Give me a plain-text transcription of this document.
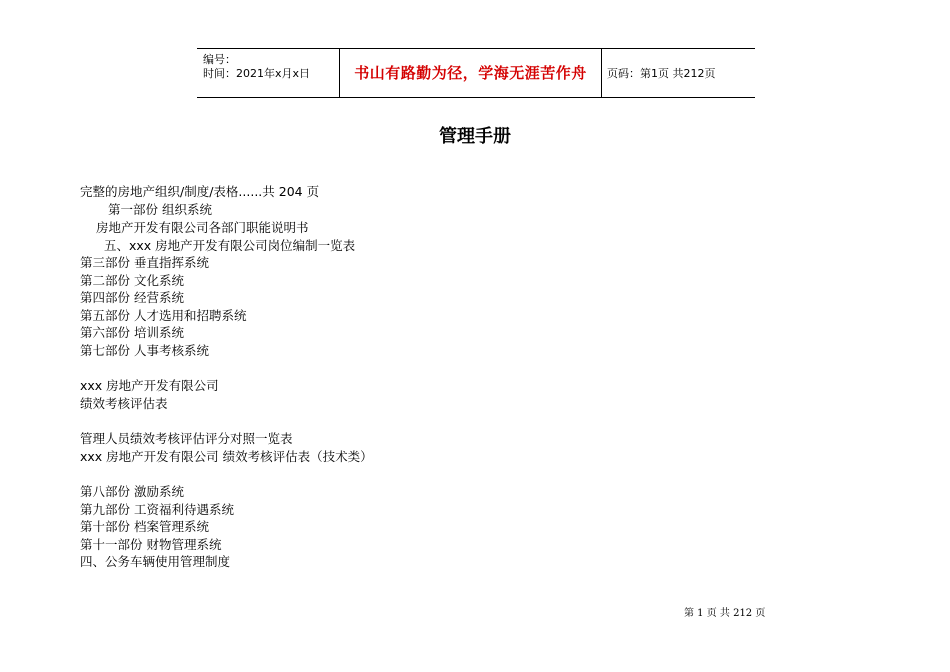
编号：
时间：2021年x月x日	书山有路勤为径，学海无涯苦作舟	页码：第1页 共212页
管理手册
完整的房地产组织/制度/表格......共 204 页
第一部份 组织系统
房地产开发有限公司各部门职能说明书
五、xxx 房地产开发有限公司岗位编制一览表
第三部份 垂直指挥系统
第二部份 文化系统
第四部份 经营系统
第五部份 人才选用和招聘系统
第六部份 培训系统
第七部份 人事考核系统
xxx 房地产开发有限公司
绩效考核评估表
管理人员绩效考核评估评分对照一览表
xxx 房地产开发有限公司 绩效考核评估表（技术类）
第八部份 激励系统
第九部份 工资福利待遇系统
第十部份 档案管理系统
第十一部份 财物管理系统
四、公务车辆使用管理制度
第 1 页 共 212 页
